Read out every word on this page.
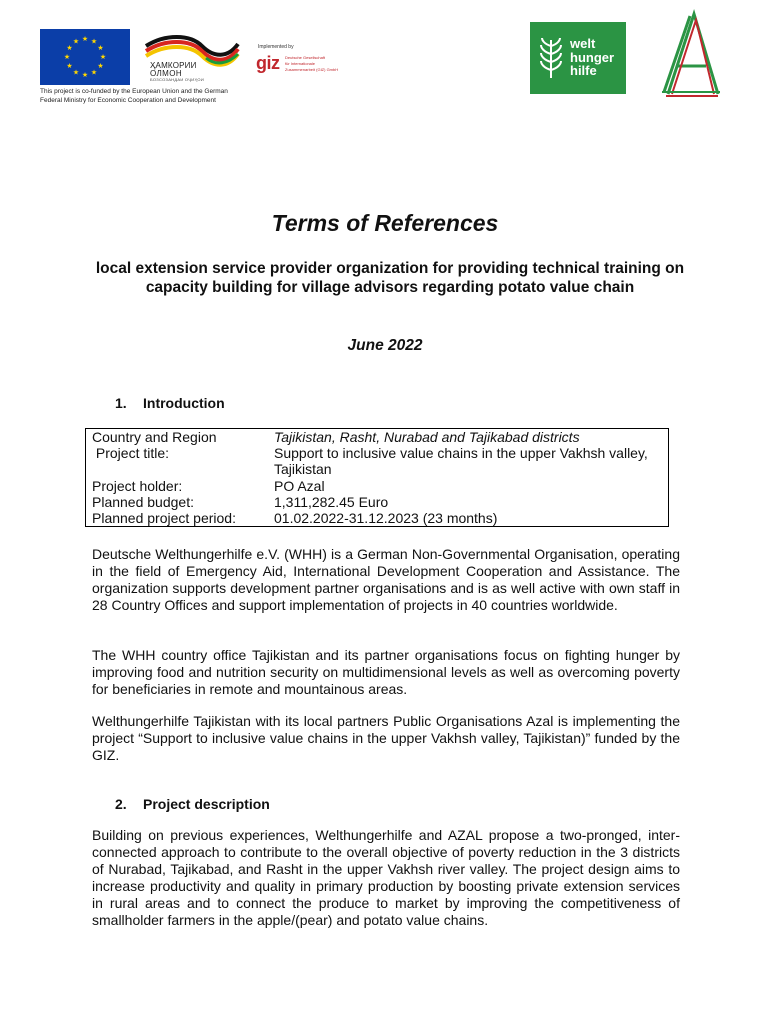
★ ★
★
★
★
★
★
★
★
★
★
★
ҲАМКОРИИ
ОЛМОН
БОЗСОЗАНДАИ ОҶИҲОИ
This project is co-funded by the European Union and the German
Federal Ministry for Economic Cooperation and Development
Implemented by
giz Deutsche Gesellschaft
für Internationale
Zusammenarbeit (GIZ) GmbH
welt
hunger
hilfe
Terms of References
local extension service provider organization for providing technical training on capacity building for village advisors regarding potato value chain
June 2022
1. Introduction
Country and Region	Tajikistan, Rasht, Nurabad and Tajikabad districts
Project title:	Support to inclusive value chains in the upper Vakhsh valley, Tajikistan
Project holder:	PO Azal
Planned budget:	1,311,282.45 Euro
Planned project period:	01.02.2022-31.12.2023 (23 months)

Deutsche Welthungerhilfe e.V. (WHH) is a German Non-Governmental Organisation, operating in the field of Emergency Aid, International Development Cooperation and Assistance. The organization supports development partner organisations and is as well active with own staff in 28 Country Offices and support implementation of projects in 40 countries worldwide.

The WHH country office Tajikistan and its partner organisations focus on fighting hunger by improving food and nutrition security on multidimensional levels as well as overcoming poverty for beneficiaries in remote and mountainous areas.

Welthungerhilfe Tajikistan with its local partners Public Organisations Azal is implementing the project “Support to inclusive value chains in the upper Vakhsh valley, Tajikistan)” funded by the GIZ.

2. Project description

Building on previous experiences, Welthungerhilfe and AZAL propose a two-pronged, inter-connected approach to contribute to the overall objective of poverty reduction in the 3 districts of Nurabad, Tajikabad, and Rasht in the upper Vakhsh river valley. The project design aims to increase productivity and quality in primary production by boosting private extension services in rural areas and to connect the produce to market by improving the competitiveness of smallholder farmers in the apple/(pear) and potato value chains.
